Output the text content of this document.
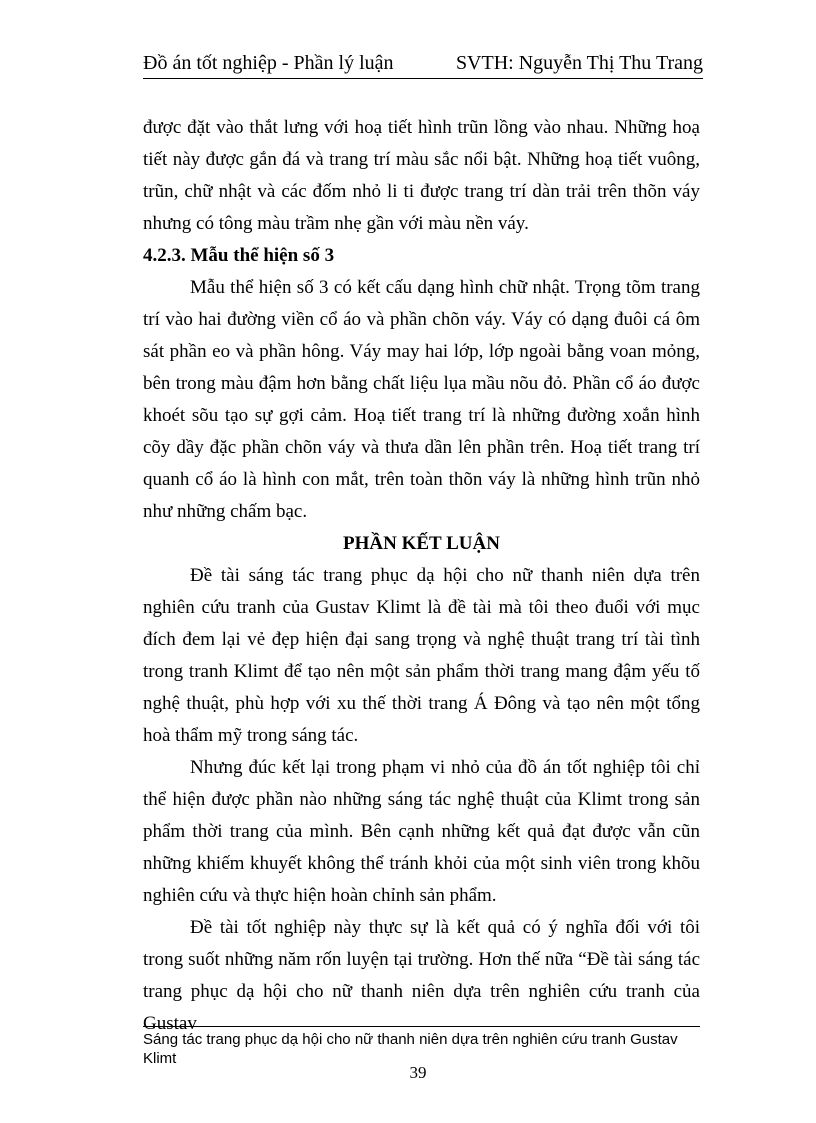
Đồ án tốt nghiệp - Phần lý luận	SVTH: Nguyễn Thị Thu Trang

được đặt vào thắt lưng với hoạ tiết hình trũn lồng vào nhau. Những hoạ tiết này được gắn đá và trang trí màu sắc nổi bật. Những hoạ tiết vuông, trũn, chữ nhật và các đốm nhỏ li ti được trang trí dàn trải trên thõn váy nhưng có tông màu trầm nhẹ gần với màu nền váy.

4.2.3. Mẫu thể hiện số 3

Mẫu thể hiện số 3 có kết cấu dạng hình chữ nhật. Trọng tõm trang trí vào hai đường viền cổ áo và phần chõn váy. Váy có dạng đuôi cá ôm sát phần eo và phần hông. Váy may hai lớp, lớp ngoài bằng voan mỏng, bên trong màu đậm hơn bằng chất liệu lụa mầu nõu đỏ. Phần cổ áo được khoét sõu tạo sự gợi cảm. Hoạ tiết trang trí là những đường xoắn hình cõy dầy đặc phần chõn váy và thưa dần lên phần trên. Hoạ tiết trang trí quanh cổ áo là hình con mắt, trên toàn thõn váy là những hình trũn nhỏ như những chấm bạc.

PHẦN KẾT LUẬN

Đề tài sáng tác trang phục dạ hội cho nữ thanh niên dựa trên nghiên cứu tranh của Gustav Klimt là đề tài mà tôi theo đuổi với mục đích đem lại vẻ đẹp hiện đại sang trọng và nghệ thuật trang trí tài tình trong tranh Klimt để tạo nên một sản phẩm thời trang mang đậm yếu tố nghệ thuật, phù hợp với xu thế thời trang Á Đông và tạo nên một tổng hoà thẩm mỹ trong sáng tác.

Nhưng đúc kết lại trong phạm vi nhỏ của đồ án tốt nghiệp tôi chỉ thể hiện được phần nào những sáng tác nghệ thuật của Klimt trong sản phẩm thời trang của mình. Bên cạnh những kết quả đạt được vẫn cũn những khiếm khuyết không thể tránh khỏi của một sinh viên trong khõu nghiên cứu và thực hiện hoàn chỉnh sản phẩm.

Đề tài tốt nghiệp này thực sự là kết quả có ý nghĩa đối với tôi trong suốt những năm rốn luyện tại trường. Hơn thế nữa “Đề tài sáng tác trang phục dạ hội cho nữ thanh niên dựa trên nghiên cứu tranh của Gustav

Sáng tác trang phục dạ hội cho nữ thanh niên dựa trên nghiên cứu tranh Gustav Klimt
39
